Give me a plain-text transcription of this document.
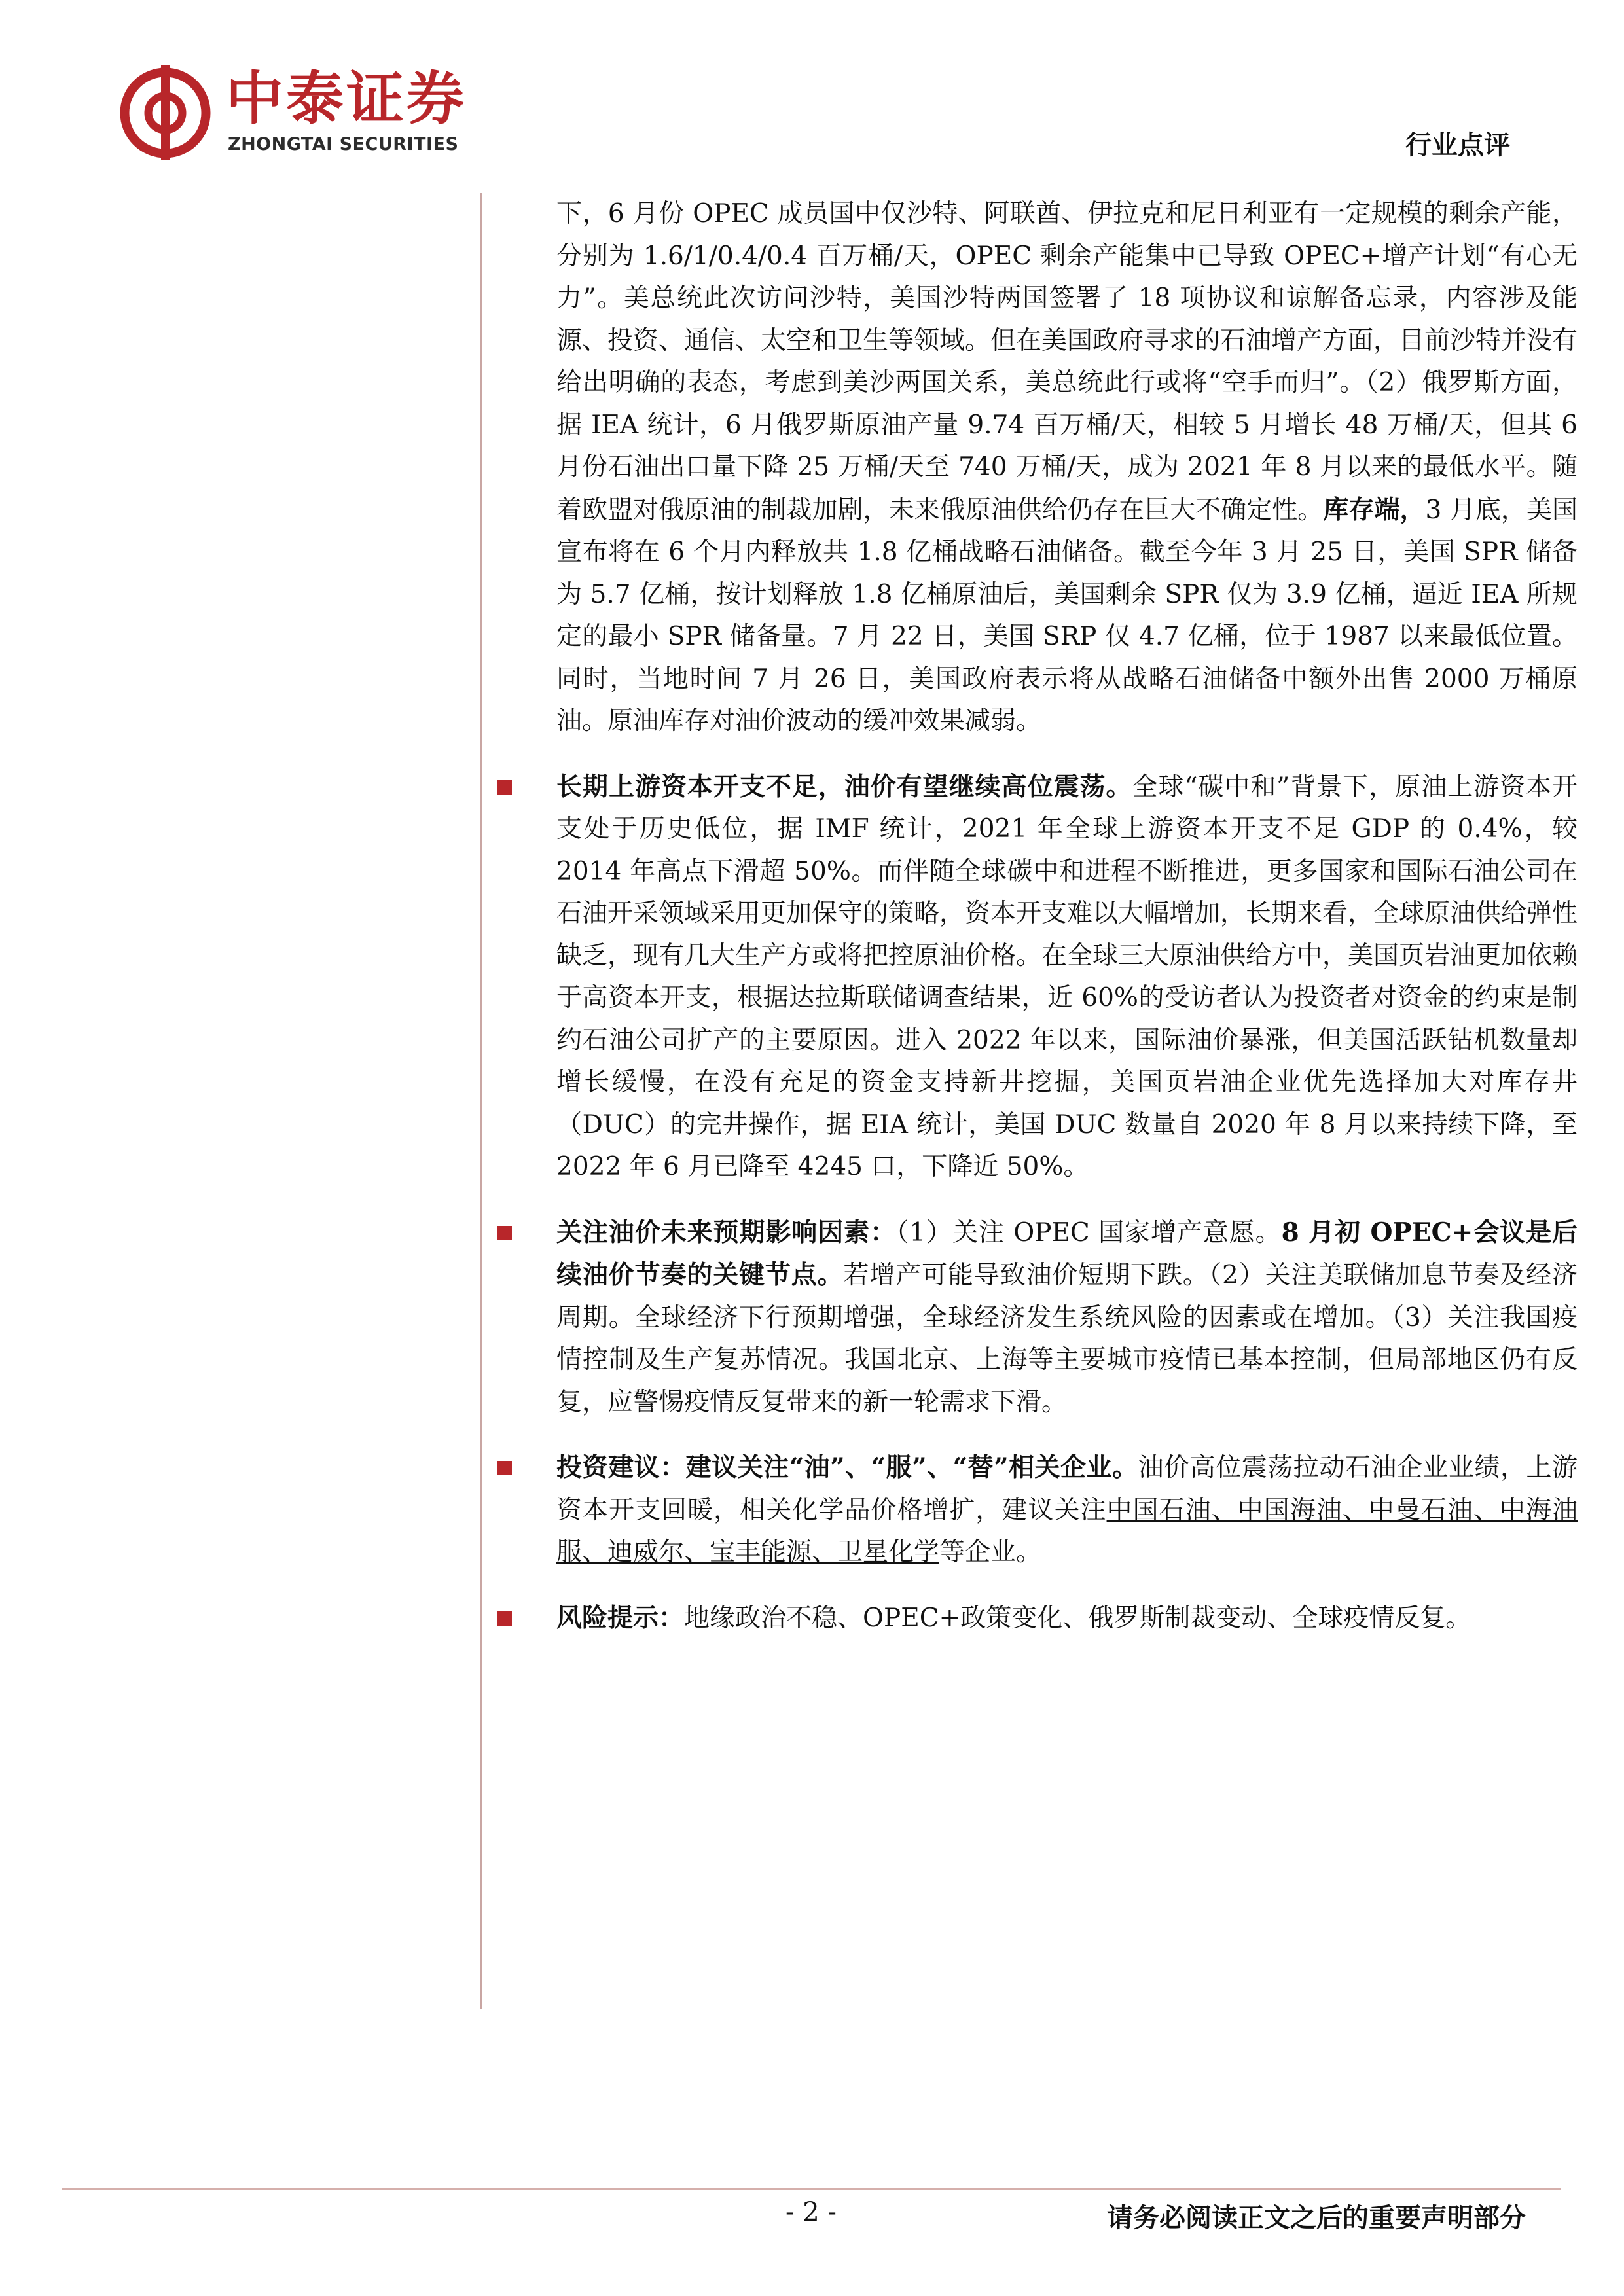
中泰证券
ZHONGTAI SECURITIES	行业点评

下，6 月份 OPEC 成员国中仅沙特、阿联酋、伊拉克和尼日利亚有一定规模的剩余产能，分别为 1.6/1/0.4/0.4 百万桶/天，OPEC 剩余产能集中已导致 OPEC+增产计划“有心无力”。美总统此次访问沙特，美国沙特两国签署了 18 项协议和谅解备忘录，内容涉及能源、投资、通信、太空和卫生等领域。但在美国政府寻求的石油增产方面，目前沙特并没有给出明确的表态，考虑到美沙两国关系，美总统此行或将“空手而归”。（2）俄罗斯方面，据 IEA 统计，6 月俄罗斯原油产量 9.74 百万桶/天，相较 5 月增长 48 万桶/天，但其 6 月份石油出口量下降 25 万桶/天至 740 万桶/天，成为 2021 年 8 月以来的最低水平。随着欧盟对俄原油的制裁加剧，未来俄原油供给仍存在巨大不确定性。库存端，3 月底，美国宣布将在 6 个月内释放共 1.8 亿桶战略石油储备。截至今年 3 月 25 日，美国 SPR 储备为 5.7 亿桶，按计划释放 1.8 亿桶原油后，美国剩余 SPR 仅为 3.9 亿桶，逼近 IEA 所规定的最小 SPR 储备量。7 月 22 日，美国 SRP 仅 4.7 亿桶，位于 1987 以来最低位置。同时，当地时间 7 月 26 日，美国政府表示将从战略石油储备中额外出售 2000 万桶原油。原油库存对油价波动的缓冲效果减弱。

长期上游资本开支不足，油价有望继续高位震荡。全球“碳中和”背景下，原油上游资本开支处于历史低位，据 IMF 统计，2021 年全球上游资本开支不足 GDP 的 0.4%，较 2014 年高点下滑超 50%。而伴随全球碳中和进程不断推进，更多国家和国际石油公司在石油开采领域采用更加保守的策略，资本开支难以大幅增加，长期来看，全球原油供给弹性缺乏，现有几大生产方或将把控原油价格。在全球三大原油供给方中，美国页岩油更加依赖于高资本开支，根据达拉斯联储调查结果，近 60%的受访者认为投资者对资金的约束是制约石油公司扩产的主要原因。进入 2022 年以来，国际油价暴涨，但美国活跃钻机数量却增长缓慢，在没有充足的资金支持新井挖掘，美国页岩油企业优先选择加大对库存井（DUC）的完井操作，据 EIA 统计，美国 DUC 数量自 2020 年 8 月以来持续下降，至 2022 年 6 月已降至 4245 口，下降近 50%。
关注油价未来预期影响因素：（1）关注 OPEC 国家增产意愿。8 月初 OPEC+会议是后续油价节奏的关键节点。若增产可能导致油价短期下跌。（2）关注美联储加息节奏及经济周期。全球经济下行预期增强，全球经济发生系统风险的因素或在增加。（3）关注我国疫情控制及生产复苏情况。我国北京、上海等主要城市疫情已基本控制，但局部地区仍有反复，应警惕疫情反复带来的新一轮需求下滑。
投资建议：建议关注“油”、“服”、“替”相关企业。油价高位震荡拉动石油企业业绩，上游资本开支回暖，相关化学品价格增扩，建议关注中国石油、中国海油、中曼石油、中海油服、迪威尔、宝丰能源、卫星化学等企业。
风险提示：地缘政治不稳、OPEC+政策变化、俄罗斯制裁变动、全球疫情反复。
- 2 -	请务必阅读正文之后的重要声明部分
